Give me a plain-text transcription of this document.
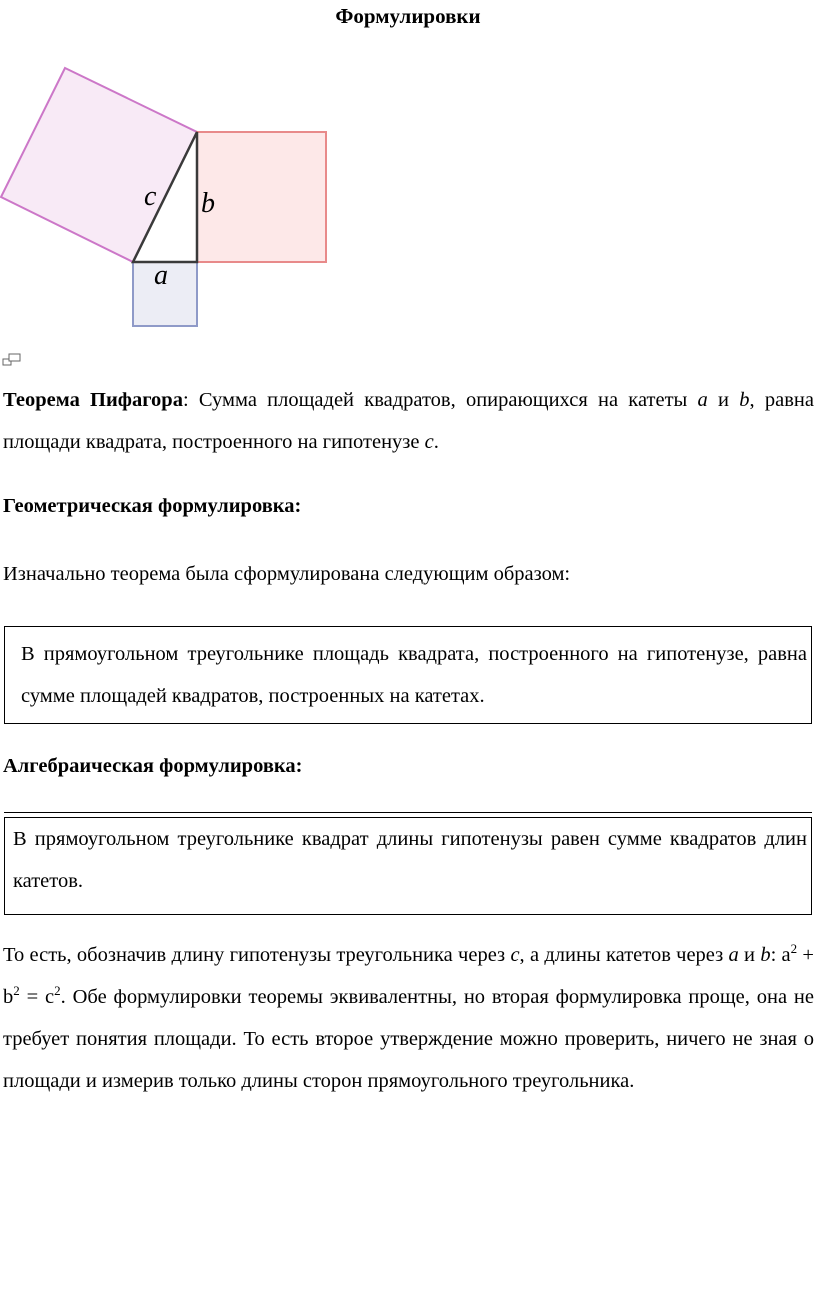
Формулировки
c b
a
Теорема Пифагора: Сумма площадей квадратов, опирающихся на катеты a и b, равна площади квадрата, построенного на гипотенузе c.
Геометрическая формулировка:
Изначально теорема была сформулирована следующим образом:
В прямоугольном треугольнике площадь квадрата, построенного на гипотенузе, равна сумме площадей квадратов, построенных на катетах.
Алгебраическая формулировка:
В прямоугольном треугольнике квадрат длины гипотенузы равен сумме квадратов длин катетов.
То есть, обозначив длину гипотенузы треугольника через c, а длины катетов через a и b: $a^2 + b^2 = c^2$. Обе формулировки теоремы эквивалентны, но вторая формулировка проще, она не требует понятия площади. То есть второе утверждение можно проверить, ничего не зная о площади и измерив только длины сторон прямоугольного треугольника.
